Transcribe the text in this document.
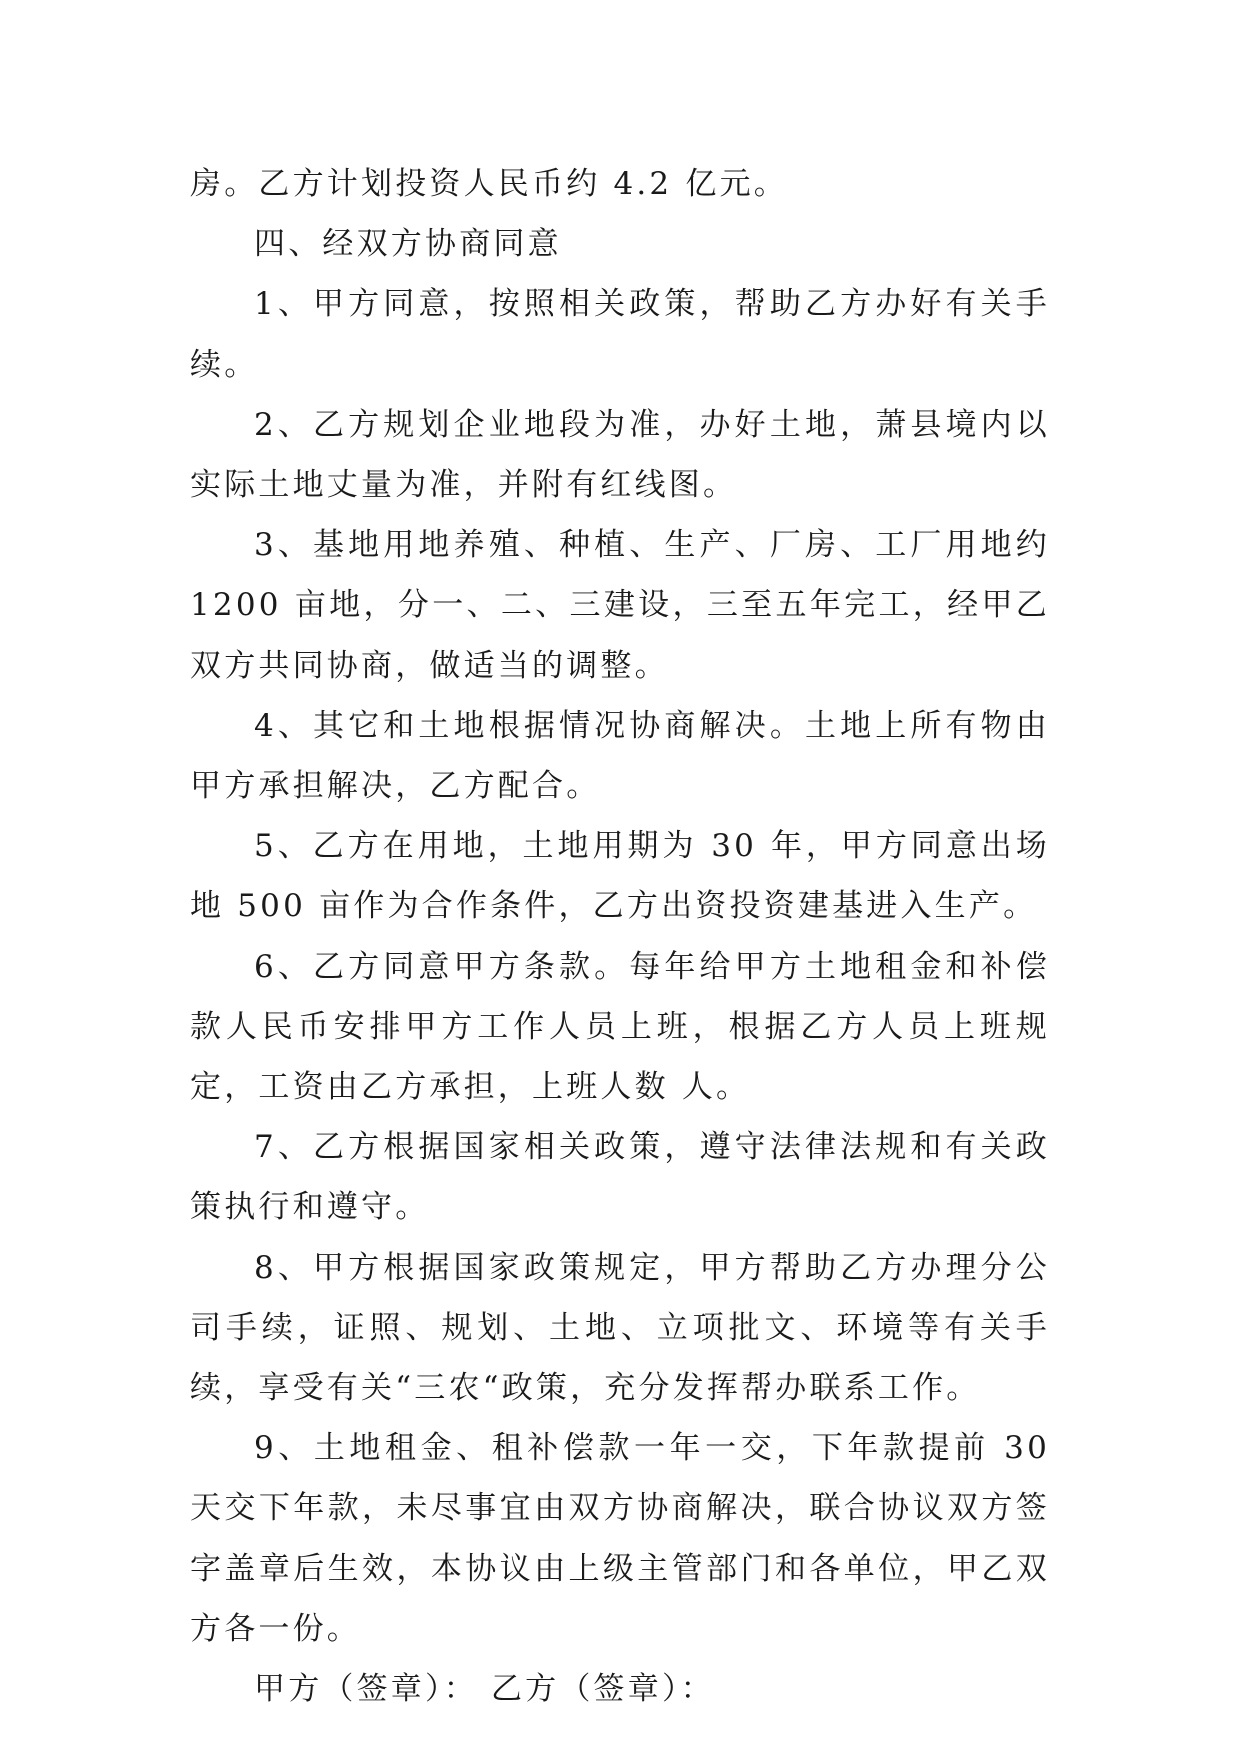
房。乙方计划投资人民币约 4.2 亿元。

四、经双方协商同意

1、甲方同意，按照相关政策，帮助乙方办好有关手续。

2、乙方规划企业地段为准，办好土地，萧县境内以实际土地丈量为准，并附有红线图。

3、基地用地养殖、种植、生产、厂房、工厂用地约 1200 亩地，分一、二、三建设，三至五年完工，经甲乙双方共同协商，做适当的调整。

4、其它和土地根据情况协商解决。土地上所有物由甲方承担解决，乙方配合。

5、乙方在用地，土地用期为 30 年，甲方同意出场地 500 亩作为合作条件，乙方出资投资建基进入生产。

6、乙方同意甲方条款。每年给甲方土地租金和补偿款人民币安排甲方工作人员上班，根据乙方人员上班规定，工资由乙方承担，上班人数 人。

7、乙方根据国家相关政策，遵守法律法规和有关政策执行和遵守。

8、甲方根据国家政策规定，甲方帮助乙方办理分公司手续，证照、规划、土地、立项批文、环境等有关手续，享受有关“三农“政策，充分发挥帮办联系工作。

9、土地租金、租补偿款一年一交，下年款提前 30 天交下年款，未尽事宜由双方协商解决，联合协议双方签字盖章后生效，本协议由上级主管部门和各单位，甲乙双方各一份。

甲方（签章）： 乙方（签章）：
